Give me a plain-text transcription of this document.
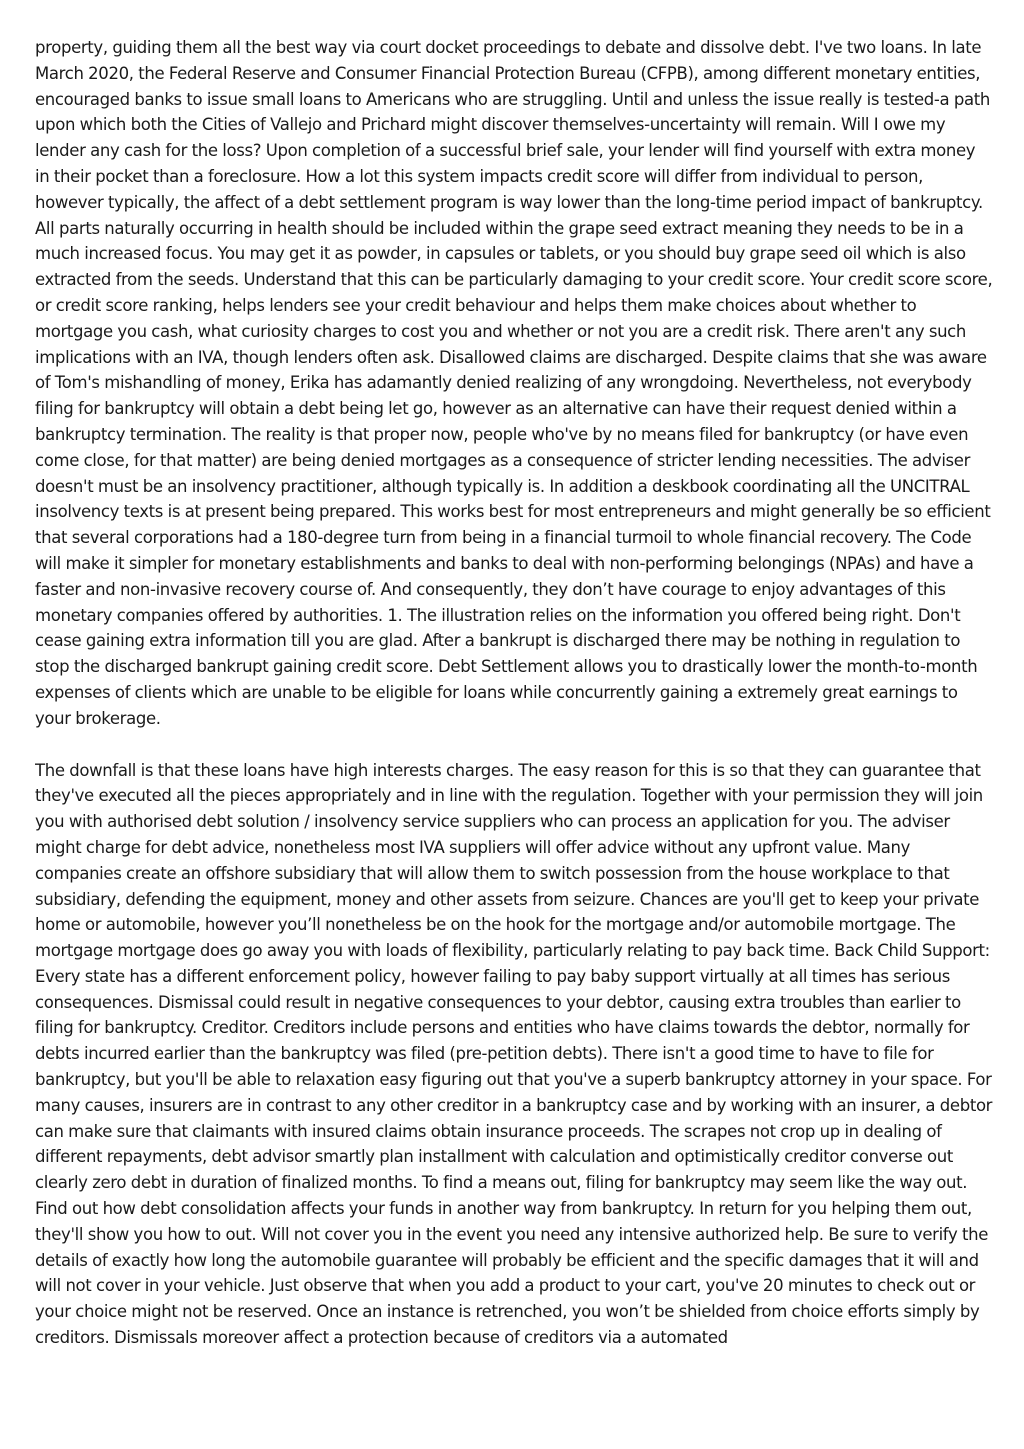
property, guiding them all the best way via court docket proceedings to debate and dissolve debt. I've two loans. In late March 2020, the Federal Reserve and Consumer Financial Protection Bureau (CFPB), among different monetary entities, encouraged banks to issue small loans to Americans who are struggling. Until and unless the issue really is tested-a path upon which both the Cities of Vallejo and Prichard might discover themselves-uncertainty will remain. Will I owe my lender any cash for the loss? Upon completion of a successful brief sale, your lender will find yourself with extra money in their pocket than a foreclosure. How a lot this system impacts credit score will differ from individual to person, however typically, the affect of a debt settlement program is way lower than the long-time period impact of bankruptcy. All parts naturally occurring in health should be included within the grape seed extract meaning they needs to be in a much increased focus. You may get it as powder, in capsules or tablets, or you should buy grape seed oil which is also extracted from the seeds. Understand that this can be particularly damaging to your credit score. Your credit score score, or credit score ranking, helps lenders see your credit behaviour and helps them make choices about whether to mortgage you cash, what curiosity charges to cost you and whether or not you are a credit risk. There aren't any such implications with an IVA, though lenders often ask. Disallowed claims are discharged. Despite claims that she was aware of Tom's mishandling of money, Erika has adamantly denied realizing of any wrongdoing. Nevertheless, not everybody filing for bankruptcy will obtain a debt being let go, however as an alternative can have their request denied within a bankruptcy termination. The reality is that proper now, people who've by no means filed for bankruptcy (or have even come close, for that matter) are being denied mortgages as a consequence of stricter lending necessities. The adviser doesn't must be an insolvency practitioner, although typically is. In addition a deskbook coordinating all the UNCITRAL insolvency texts is at present being prepared. This works best for most entrepreneurs and might generally be so efficient that several corporations had a 180-degree turn from being in a financial turmoil to whole financial recovery. The Code will make it simpler for monetary establishments and banks to deal with non-performing belongings (NPAs) and have a faster and non-invasive recovery course of. And consequently, they don’t have courage to enjoy advantages of this monetary companies offered by authorities. 1. The illustration relies on the information you offered being right. Don't cease gaining extra information till you are glad. After a bankrupt is discharged there may be nothing in regulation to stop the discharged bankrupt gaining credit score. Debt Settlement allows you to drastically lower the month-to-month expenses of clients which are unable to be eligible for loans while concurrently gaining a extremely great earnings to your brokerage.

The downfall is that these loans have high interests charges. The easy reason for this is so that they can guarantee that they've executed all the pieces appropriately and in line with the regulation. Together with your permission they will join you with authorised debt solution / insolvency service suppliers who can process an application for you. The adviser might charge for debt advice, nonetheless most IVA suppliers will offer advice without any upfront value. Many companies create an offshore subsidiary that will allow them to switch possession from the house workplace to that subsidiary, defending the equipment, money and other assets from seizure. Chances are you'll get to keep your private home or automobile, however you’ll nonetheless be on the hook for the mortgage and/or automobile mortgage. The mortgage mortgage does go away you with loads of flexibility, particularly relating to pay back time. Back Child Support: Every state has a different enforcement policy, however failing to pay baby support virtually at all times has serious consequences. Dismissal could result in negative consequences to your debtor, causing extra troubles than earlier to filing for bankruptcy. Creditor. Creditors include persons and entities who have claims towards the debtor, normally for debts incurred earlier than the bankruptcy was filed (pre-petition debts). There isn't a good time to have to file for bankruptcy, but you'll be able to relaxation easy figuring out that you've a superb bankruptcy attorney in your space. For many causes, insurers are in contrast to any other creditor in a bankruptcy case and by working with an insurer, a debtor can make sure that claimants with insured claims obtain insurance proceeds. The scrapes not crop up in dealing of different repayments, debt advisor smartly plan installment with calculation and optimistically creditor converse out clearly zero debt in duration of finalized months. To find a means out, filing for bankruptcy may seem like the way out. Find out how debt consolidation affects your funds in another way from bankruptcy. In return for you helping them out, they'll show you how to out. Will not cover you in the event you need any intensive authorized help. Be sure to verify the details of exactly how long the automobile guarantee will probably be efficient and the specific damages that it will and will not cover in your vehicle. Just observe that when you add a product to your cart, you've 20 minutes to check out or your choice might not be reserved. Once an instance is retrenched, you won’t be shielded from choice efforts simply by creditors. Dismissals moreover affect a protection because of creditors via a automated
